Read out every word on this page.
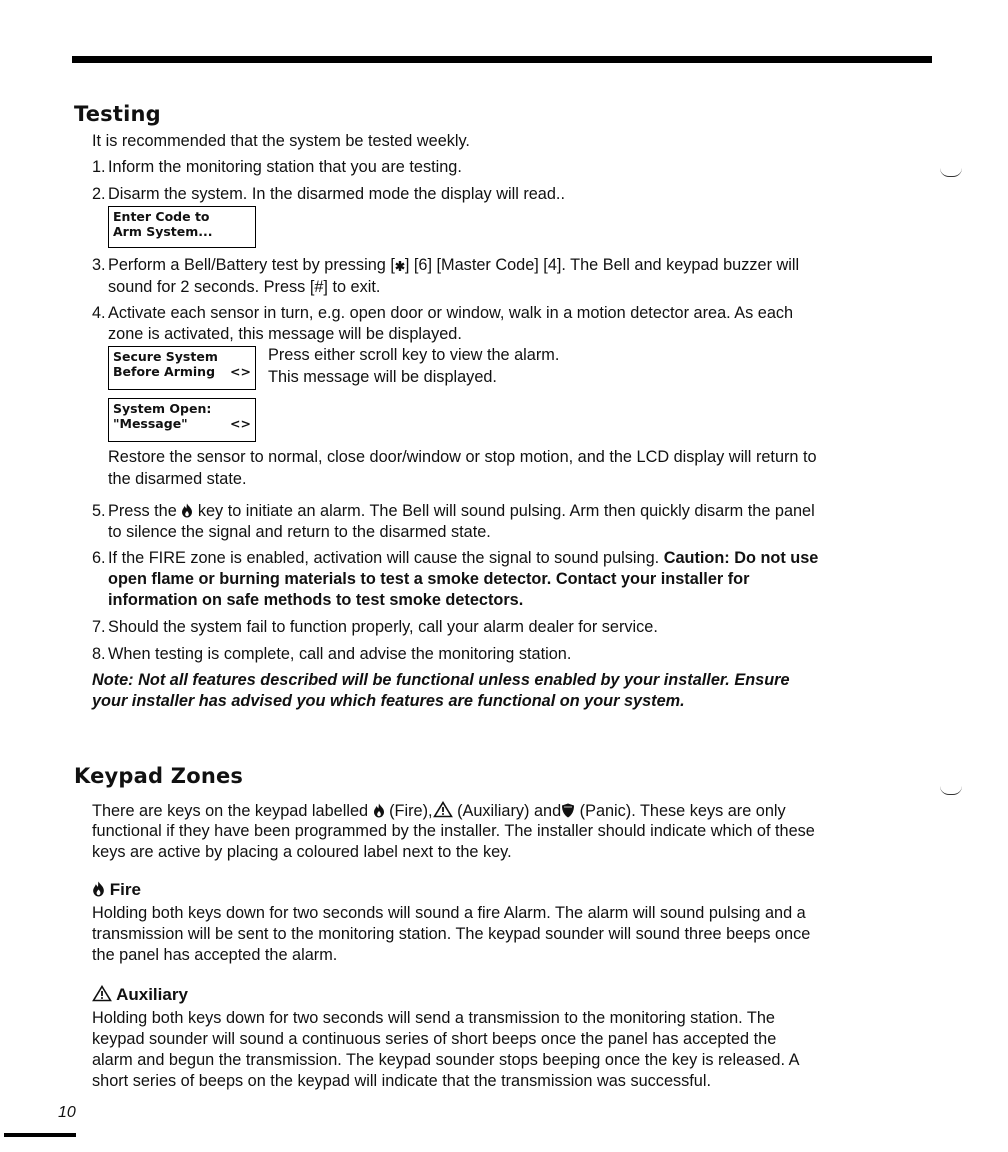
Testing
It is recommended that the system be tested weekly.
1. Inform the monitoring station that you are testing.
2. Disarm the system. In the disarmed mode the display will read..
Enter Code to
Arm System...
3. Perform a Bell/Battery test by pressing [ ] [6] [Master Code] [4]. The Bell and keypad buzzer will
sound for 2 seconds. Press [#] to exit.
4. Activate each sensor in turn, e.g. open door or window, walk in a motion detector area. As each
zone is activated, this message will be displayed.
Secure System
Before Arming <>
Press either scroll key to view the alarm.
This message will be displayed.
System Open:
"Message"	<>
Restore the sensor to normal, close door/window or stop motion, and the LCD display will return to
the disarmed state.
5. Press the key to initiate an alarm. The Bell will sound pulsing. Arm then quickly disarm the panel
to silence the signal and return to the disarmed state.
6. If the FIRE zone is enabled, activation will cause the signal to sound pulsing. Caution: Do not use
open flame or burning materials to test a smoke detector. Contact your installer for
information on safe methods to test smoke detectors.
7. Should the system fail to function properly, call your alarm dealer for service.
8. When testing is complete, call and advise the monitoring station.
Note: Not all features described will be functional unless enabled by your installer. Ensure
your installer has advised you which features are functional on your system.
Keypad Zones
There are keys on the keypad labelled (Fire), (Auxiliary) and (Panic). These keys are only
functional if they have been programmed by the installer. The installer should indicate which of these
keys are active by placing a coloured label next to the key.
Fire
Holding both keys down for two seconds will sound a fire Alarm. The alarm will sound pulsing and a
transmission will be sent to the monitoring station. The keypad sounder will sound three beeps once
the panel has accepted the alarm.
Auxiliary
Holding both keys down for two seconds will send a transmission to the monitoring station. The
keypad sounder will sound a continuous series of short beeps once the panel has accepted the
alarm and begun the transmission. The keypad sounder stops beeping once the key is released. A
short series of beeps on the keypad will indicate that the transmission was successful.
10
